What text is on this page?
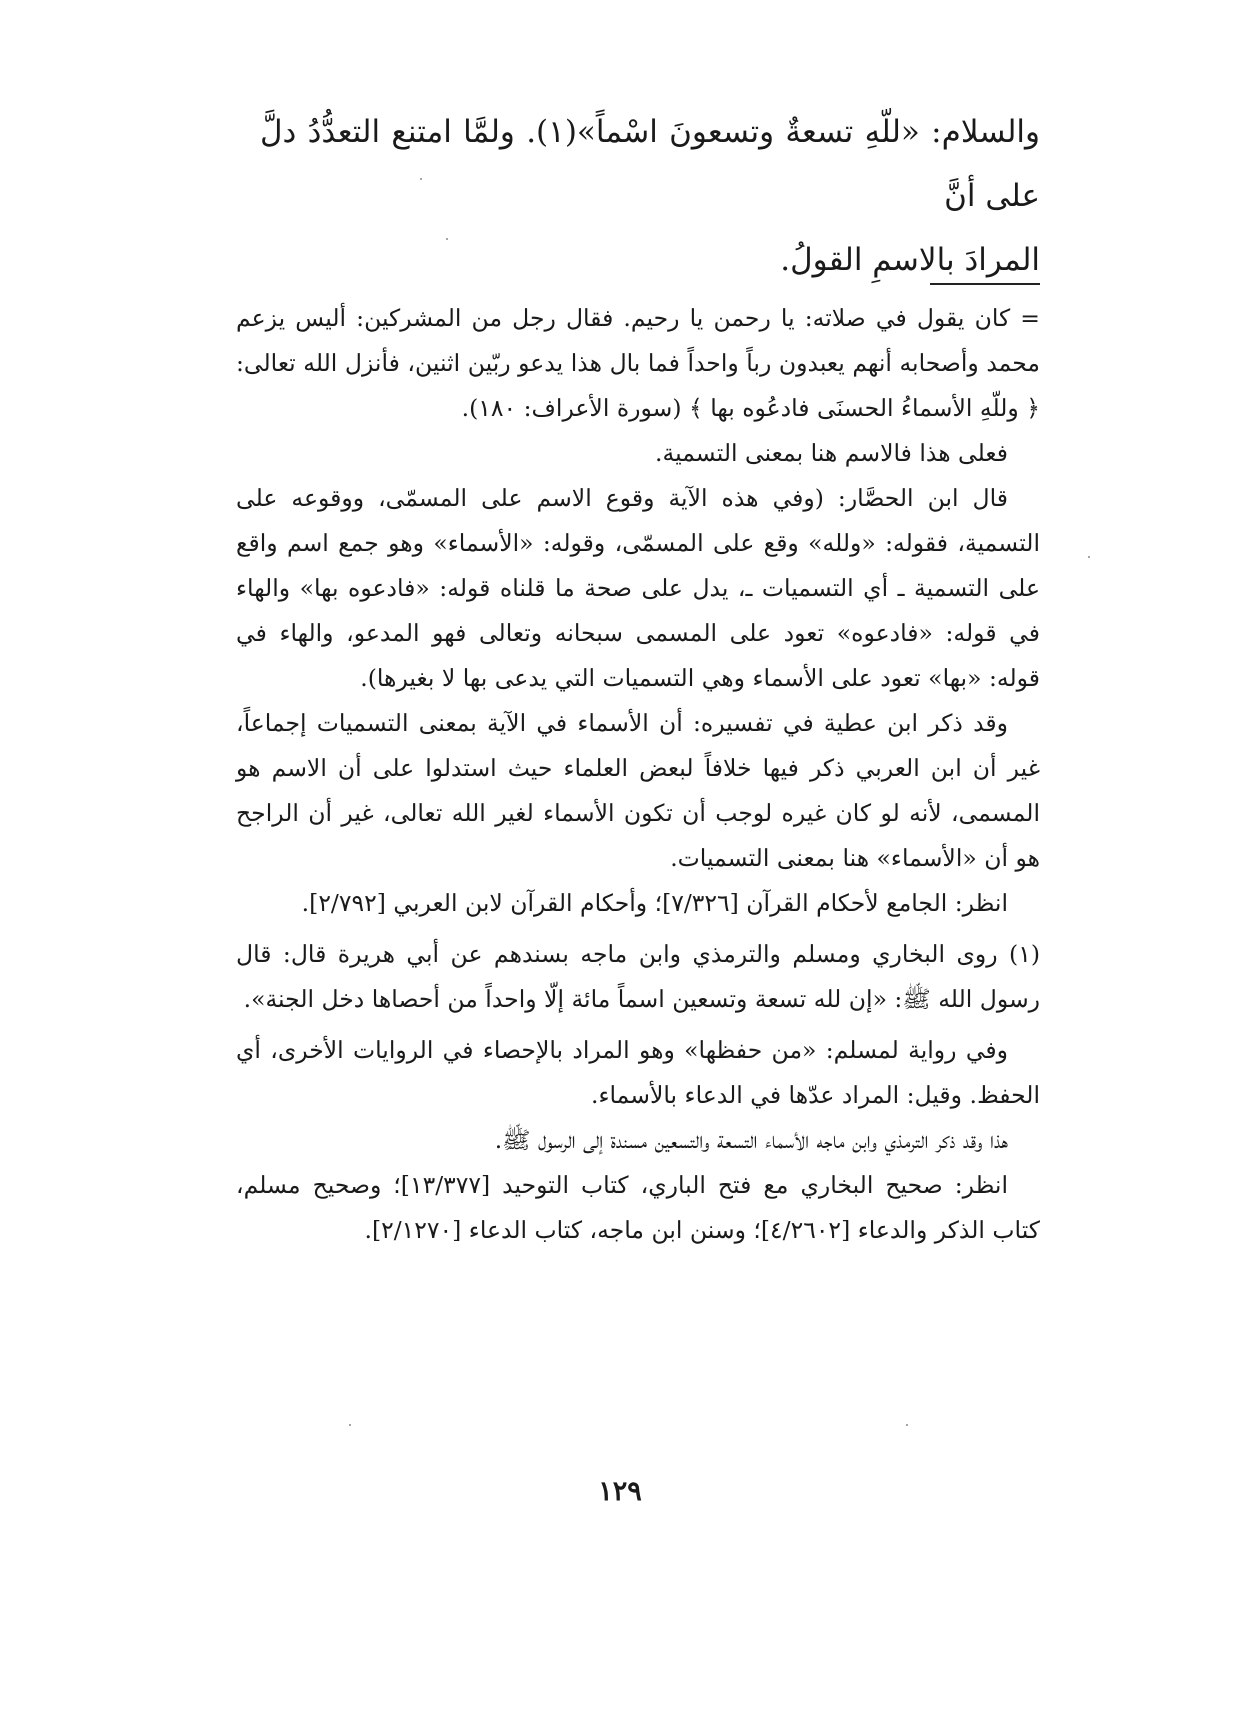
والسلام: «للّهِ تسعةٌ وتسعونَ اسْماً»(١). ولمَّا امتنع التعدُّدُ دلَّ على أنَّ

المرادَ بالاسمِ القولُ.

= كان يقول في صلاته: يا رحمن يا رحيم. فقال رجل من المشركين: أليس يزعم محمد وأصحابه أنهم يعبدون رباً واحداً فما بال هذا يدعو ربّين اثنين، فأنزل الله تعالى: ﴿ وللّهِ الأسماءُ الحسنَى فادعُوه بها ﴾ (سورة الأعراف: ١٨٠).

فعلى هذا فالاسم هنا بمعنى التسمية.

قال ابن الحصَّار: (وفي هذه الآية وقوع الاسم على المسمّى، ووقوعه على التسمية، فقوله: «ولله» وقع على المسمّى، وقوله: «الأسماء» وهو جمع اسم واقع على التسمية ـ أي التسميات ـ، يدل على صحة ما قلناه قوله: «فادعوه بها» والهاء في قوله: «فادعوه» تعود على المسمى سبحانه وتعالى فهو المدعو، والهاء في قوله: «بها» تعود على الأسماء وهي التسميات التي يدعى بها لا بغيرها).

وقد ذكر ابن عطية في تفسيره: أن الأسماء في الآية بمعنى التسميات إجماعاً، غير أن ابن العربي ذكر فيها خلافاً لبعض العلماء حيث استدلوا على أن الاسم هو المسمى، لأنه لو كان غيره لوجب أن تكون الأسماء لغير الله تعالى، غير أن الراجح هو أن «الأسماء» هنا بمعنى التسميات.

انظر: الجامع لأحكام القرآن [٧/٣٢٦]؛ وأحكام القرآن لابن العربي [٢/٧٩٢].

(١) روى البخاري ومسلم والترمذي وابن ماجه بسندهم عن أبي هريرة قال: قال رسول الله ﷺ: «إن لله تسعة وتسعين اسماً مائة إلّا واحداً من أحصاها دخل الجنة».

وفي رواية لمسلم: «من حفظها» وهو المراد بالإحصاء في الروايات الأخرى، أي الحفظ. وقيل: المراد عدّها في الدعاء بالأسماء.

هذا وقد ذكر الترمذي وابن ماجه الأسماء التسعة والتسعين مسندة إلى الرسول ﷺ.

انظر: صحيح البخاري مع فتح الباري، كتاب التوحيد [١٣/٣٧٧]؛ وصحيح مسلم، كتاب الذكر والدعاء [٤/٢٦٠٢]؛ وسنن ابن ماجه، كتاب الدعاء [٢/١٢٧٠].

١٢٩
